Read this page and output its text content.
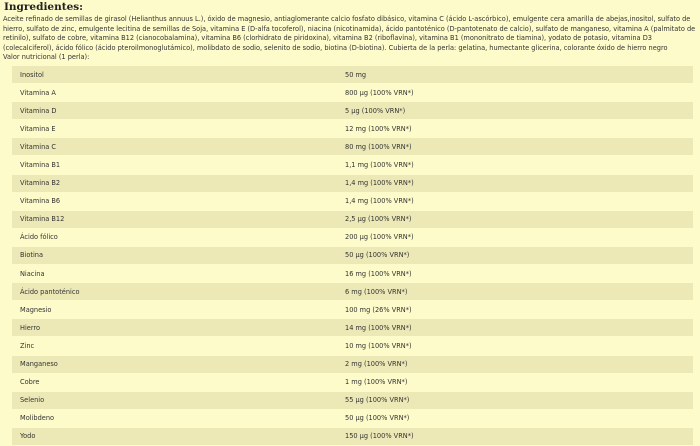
Ingredientes:

Aceite refinado de semillas de girasol (Helianthus annuus L.), óxido de magnesio, antiaglomerante calcio fosfato dibásico, vitamina C (ácido L-ascórbico), emulgente cera amarilla de abejas,inositol, sulfato de hierro, sulfato de zinc, emulgente lecitina de semillas de Soja, vitamina E (D-alfa tocoferol), niacina (nicotinamida), ácido pantoténico (D-pantotenato de calcio), sulfato de manganeso, vitamina A (palmitato de retinilo), sulfato de cobre, vitamina B12 (cianocobalamina), vitamina B6 (clorhidrato de piridoxina), vitamina B2 (riboflavina), vitamina B1 (mononitrato de tiamina), yodato de potasio, vitamina D3 (colecalciferol), ácido fólico (ácido pteroilmonoglutámico), molibdato de sodio, selenito de sodio, biotina (D-biotina). Cubierta de la perla: gelatina, humectante glicerina, colorante óxido de hierro negro

Valor nutricional (1 perla):

Inositol	50 mg
Vitamina A	800 µg (100% VRN*)
Vitamina D	5 µg (100% VRN*)
Vitamina E	12 mg (100% VRN*)
Vitamina C	80 mg (100% VRN*)
Vitamina B1	1,1 mg (100% VRN*)
Vitamina B2	1,4 mg (100% VRN*)
Vitamina B6	1,4 mg (100% VRN*)
Vitamina B12	2,5 µg (100% VRN*)
Ácido fólico	200 µg (100% VRN*)
Biotina	50 µg (100% VRN*)
Niacina	16 mg (100% VRN*)
Ácido pantoténico	6 mg (100% VRN*)
Magnesio	100 mg (26% VRN*)
Hierro	14 mg (100% VRN*)
Zinc	10 mg (100% VRN*)
Manganeso	2 mg (100% VRN*)
Cobre	1 mg (100% VRN*)
Selenio	55 µg (100% VRN*)
Molibdeno	50 µg (100% VRN*)
Yodo	150 µg (100% VRN*)
